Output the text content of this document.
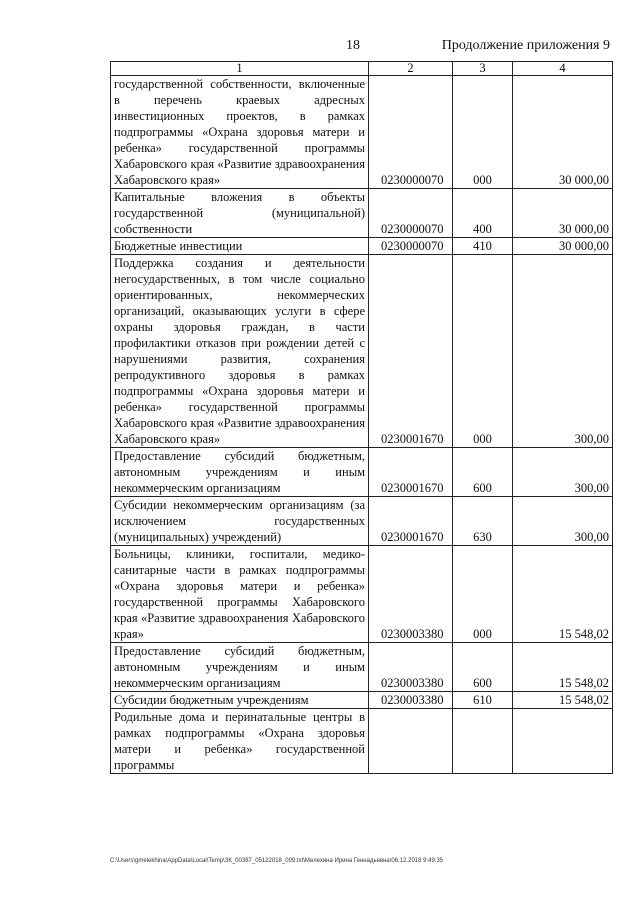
18	Продолжение приложения 9
1	2	3	4
государственной собственности, включенные в перечень краевых адресных инвестиционных проектов, в рамках подпрограммы «Охрана здоровья матери и ребенка» государственной программы Хабаровского края «Развитие здравоохранения Хабаровского края»	0230000070	000	30 000,00
Капитальные вложения в объекты государственной (муниципальной) собственности	0230000070	400	30 000,00
Бюджетные инвестиции	0230000070	410	30 000,00
Поддержка создания и деятельности негосударственных, в том числе социально ориентированных, некоммерческих организаций, оказывающих услуги в сфере охраны здоровья граждан, в части профилактики отказов при рождении детей с нарушениями развития, сохранения репродуктивного здоровья в рамках подпрограммы «Охрана здоровья матери и ребенка» государственной программы Хабаровского края «Развитие здравоохранения Хабаровского края»	0230001670	000	300,00
Предоставление субсидий бюджетным, автономным учреждениям и иным некоммерческим организациям	0230001670	600	300,00
Субсидии некоммерческим организациям (за исключением государственных (муниципальных) учреждений)	0230001670	630	300,00
Больницы, клиники, госпитали, медико-санитарные части в рамках подпрограммы «Охрана здоровья матери и ребенка» государственной программы Хабаровского края «Развитие здравоохранения Хабаровского края»	0230003380	000	15 548,02
Предоставление субсидий бюджетным, автономным учреждениям и иным некоммерческим организациям	0230003380	600	15 548,02
Субсидии бюджетным учреждениям	0230003380	610	15 548,02
Родильные дома и перинатальные центры в рамках подпрограммы «Охрана здоровья матери и ребенка» государственной программы			
C:\Users\gmelekhina\AppData\Local\Temp\ЗК_00387_05122018_009.txt\Мелехина Ирина Геннадьевна\06.12.2018 9:49:35
